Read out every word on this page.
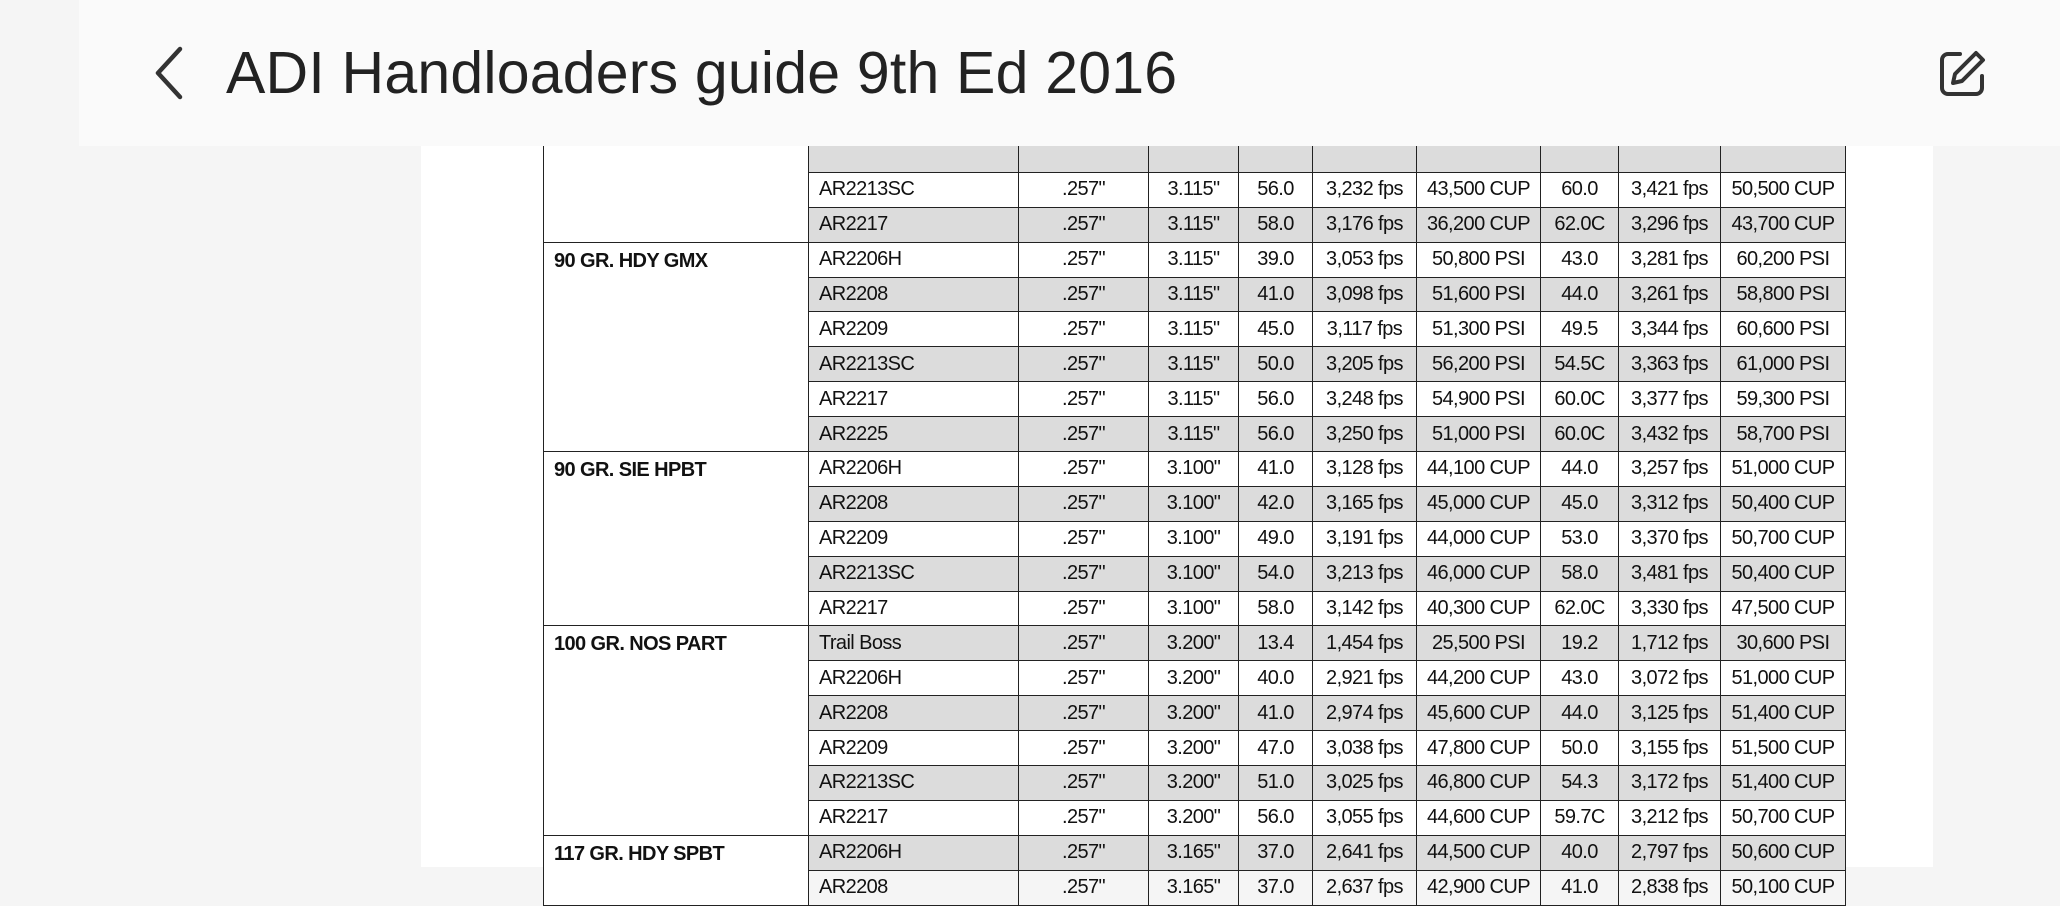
	AR2213SC	.257"	3.115"	56.0	3,232 fps	43,500 CUP	60.0	3,421 fps	50,500 CUP
	AR2217	.257"	3.115"	58.0	3,176 fps	36,200 CUP	62.0C	3,296 fps	43,700 CUP
90 GR. HDY GMX	AR2206H	.257"	3.115"	39.0	3,053 fps	50,800 PSI	43.0	3,281 fps	60,200 PSI
	AR2208	.257"	3.115"	41.0	3,098 fps	51,600 PSI	44.0	3,261 fps	58,800 PSI
	AR2209	.257"	3.115"	45.0	3,117 fps	51,300 PSI	49.5	3,344 fps	60,600 PSI
	AR2213SC	.257"	3.115"	50.0	3,205 fps	56,200 PSI	54.5C	3,363 fps	61,000 PSI
	AR2217	.257"	3.115"	56.0	3,248 fps	54,900 PSI	60.0C	3,377 fps	59,300 PSI
	AR2225	.257"	3.115"	56.0	3,250 fps	51,000 PSI	60.0C	3,432 fps	58,700 PSI
90 GR. SIE HPBT	AR2206H	.257"	3.100"	41.0	3,128 fps	44,100 CUP	44.0	3,257 fps	51,000 CUP
	AR2208	.257"	3.100"	42.0	3,165 fps	45,000 CUP	45.0	3,312 fps	50,400 CUP
	AR2209	.257"	3.100"	49.0	3,191 fps	44,000 CUP	53.0	3,370 fps	50,700 CUP
	AR2213SC	.257"	3.100"	54.0	3,213 fps	46,000 CUP	58.0	3,481 fps	50,400 CUP
	AR2217	.257"	3.100"	58.0	3,142 fps	40,300 CUP	62.0C	3,330 fps	47,500 CUP
100 GR. NOS PART	Trail Boss	.257"	3.200"	13.4	1,454 fps	25,500 PSI	19.2	1,712 fps	30,600 PSI
	AR2206H	.257"	3.200"	40.0	2,921 fps	44,200 CUP	43.0	3,072 fps	51,000 CUP
	AR2208	.257"	3.200"	41.0	2,974 fps	45,600 CUP	44.0	3,125 fps	51,400 CUP
	AR2209	.257"	3.200"	47.0	3,038 fps	47,800 CUP	50.0	3,155 fps	51,500 CUP
	AR2213SC	.257"	3.200"	51.0	3,025 fps	46,800 CUP	54.3	3,172 fps	51,400 CUP
	AR2217	.257"	3.200"	56.0	3,055 fps	44,600 CUP	59.7C	3,212 fps	50,700 CUP
117 GR. HDY SPBT	AR2206H	.257"	3.165"	37.0	2,641 fps	44,500 CUP	40.0	2,797 fps	50,600 CUP
	AR2208	.257"	3.165"	37.0	2,637 fps	42,900 CUP	41.0	2,838 fps	50,100 CUP
ADI Handloaders guide 9th Ed 2016
